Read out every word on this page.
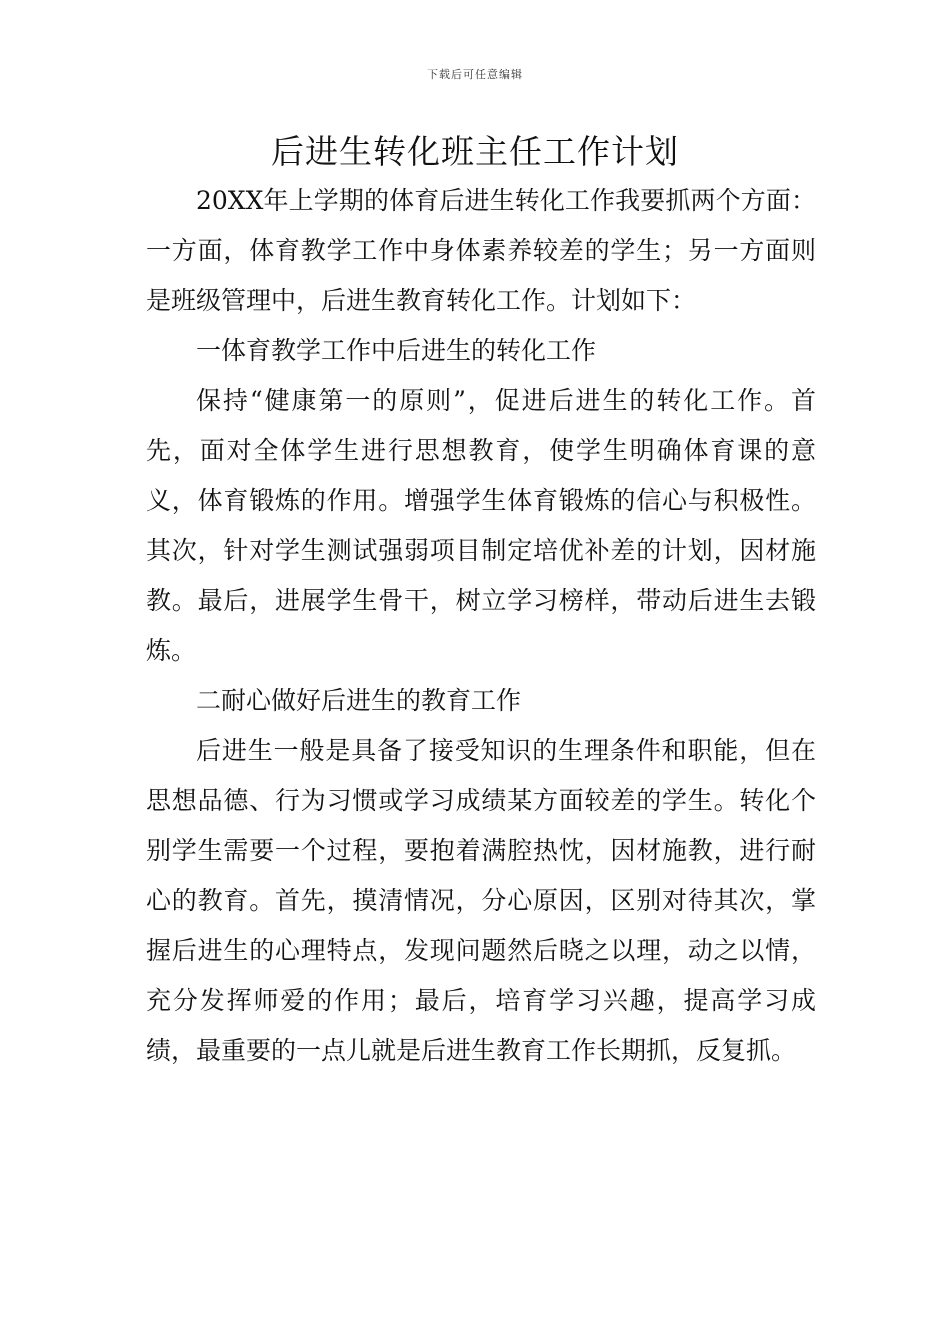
下载后可任意编辑
后进生转化班主任工作计划

20XX年上学期的体育后进生转化工作我要抓两个方面：一方面，体育教学工作中身体素养较差的学生；另一方面则是班级管理中，后进生教育转化工作。计划如下：

一体育教学工作中后进生的转化工作

保持“健康第一的原则”，促进后进生的转化工作。首先，面对全体学生进行思想教育，使学生明确体育课的意义，体育锻炼的作用。增强学生体育锻炼的信心与积极性。其次，针对学生测试强弱项目制定培优补差的计划，因材施教。最后，进展学生骨干，树立学习榜样，带动后进生去锻炼。

二耐心做好后进生的教育工作

后进生一般是具备了接受知识的生理条件和职能，但在思想品德、行为习惯或学习成绩某方面较差的学生。转化个别学生需要一个过程，要抱着满腔热忱，因材施教，进行耐心的教育。首先，摸清情况，分心原因，区别对待其次，掌握后进生的心理特点，发现问题然后晓之以理，动之以情，充分发挥师爱的作用；最后，培育学习兴趣，提高学习成绩，最重要的一点儿就是后进生教育工作长期抓，反复抓。
